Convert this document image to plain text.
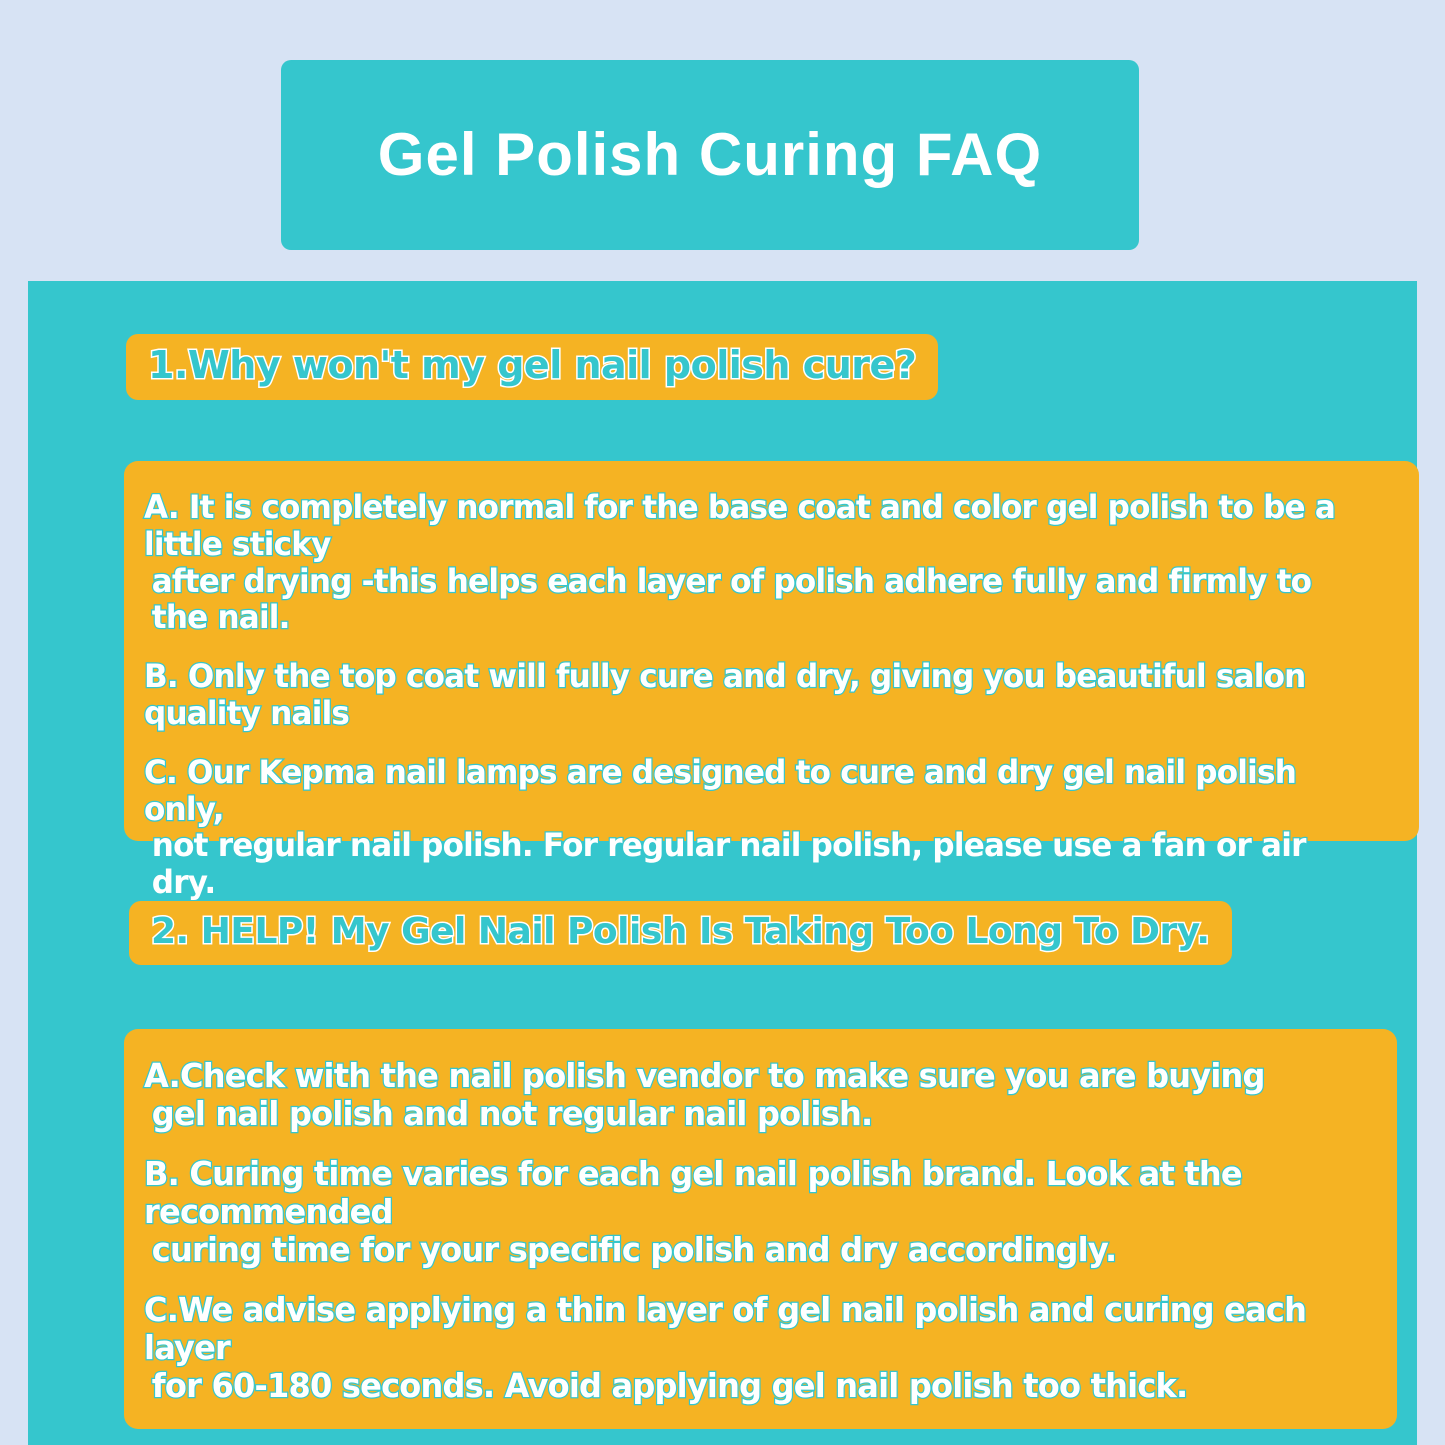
Gel Polish Curing FAQ
1.Why won't my gel nail polish cure?

A. It is completely normal for the base coat and color gel polish to be a little sticky
after drying -this helps each layer of polish adhere fully and firmly to the nail.

B. Only the top coat will fully cure and dry, giving you beautiful salon quality nails

C. Our Kepma nail lamps are designed to cure and dry gel nail polish only,
not regular nail polish. For regular nail polish, please use a fan or air dry.

2. HELP! My Gel Nail Polish Is Taking Too Long To Dry.

A.Check with the nail polish vendor to make sure you are buying
gel nail polish and not regular nail polish.

B. Curing time varies for each gel nail polish brand. Look at the recommended
curing time for your specific polish and dry accordingly.

C.We advise applying a thin layer of gel nail polish and curing each layer
for 60-180 seconds. Avoid applying gel nail polish too thick.
